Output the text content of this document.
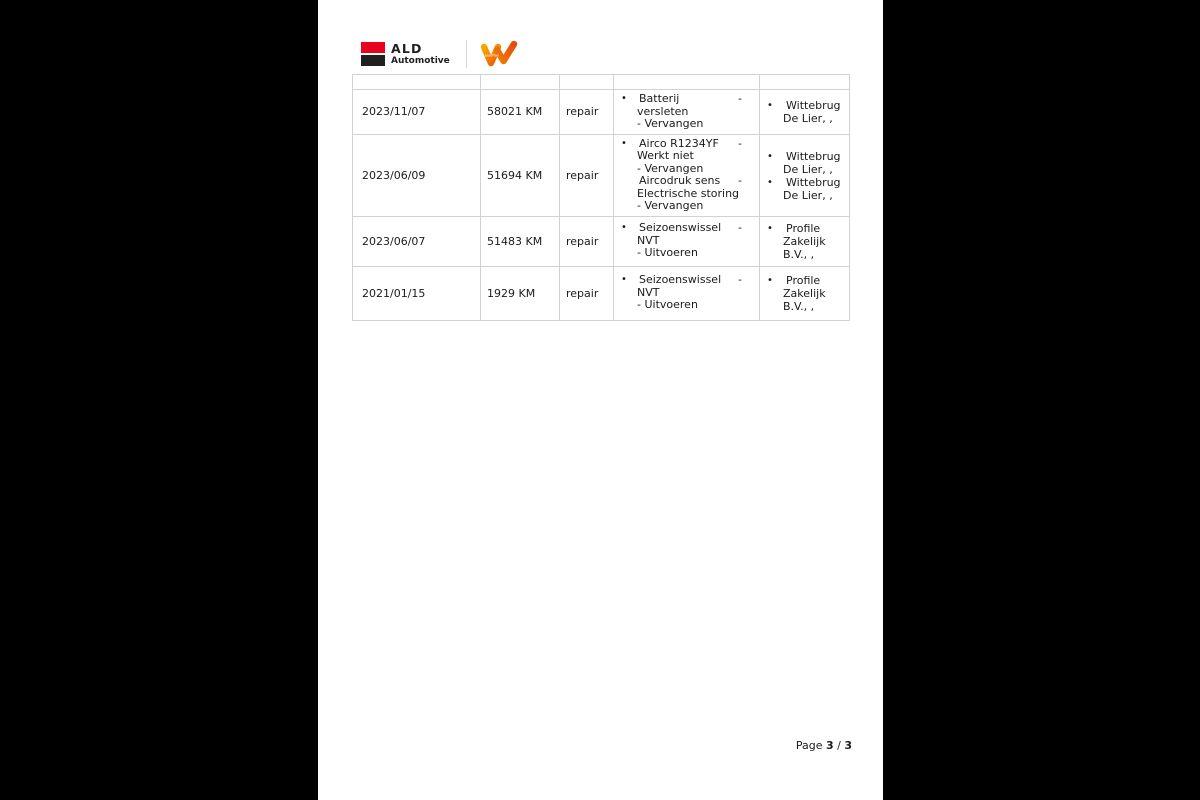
ALD
Automotive
LeasePlan

2023/11/07	58021 KM	repair	
•	Batterij	-
versleten
- Vervangen

•	Wittebrug
De Lier, ,

2023/06/09	51694 KM	repair	
•	Airco R1234YF -
Werkt niet
- Vervangen
Aircodruk sens -
Electrische storing
- Vervangen

•	Wittebrug
De Lier, ,
•	Wittebrug
De Lier, ,

2023/06/07	51483 KM	repair	
•	Seizoenswissel -
NVT
- Uitvoeren

•	Profile
Zakelijk
B.V., ,

2021/01/15	1929 KM	repair	
•	Seizoenswissel -
NVT
- Uitvoeren

•	Profile
Zakelijk
B.V., ,
Page 3 / 3
